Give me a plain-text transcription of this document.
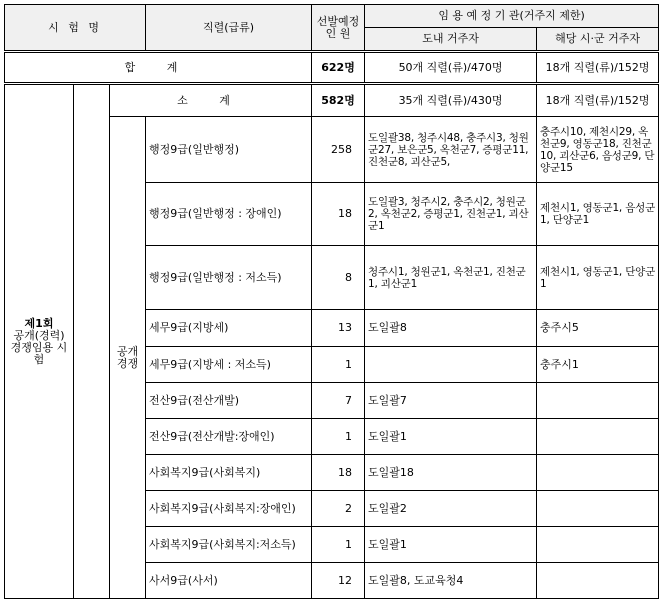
시 험 명			직렬(급류)	선발예정 인 원	임 용 예 정 기 관(거주지 제한)	
					도내 거주자	해당 시·군 거주자
합 계				622명	50개 직렬(류)/470명	18개 직렬(류)/152명

제1회
공개(경력) 경쟁임용 시험		소 계		582명	35개 직렬(류)/430명	18개 직렬(류)/152명
		공개 경쟁	행정9급(일반행정)	258	도일괄38, 청주시48, 충주시3, 청원군27, 보은군5, 옥천군7, 증평군11, 진천군8, 괴산군5,	충주시10, 제천시29, 옥천군9, 영동군18, 진천군10, 괴산군6, 음성군9, 단양군15
			행정9급(일반행정 : 장애인)	18	도일괄3, 청주시2, 충주시2, 청원군2, 옥천군2, 증평군1, 진천군1, 괴산군1	제천시1, 영동군1, 음성군1, 단양군1
			행정9급(일반행정 : 저소득)	8	청주시1, 청원군1, 옥천군1, 진천군1, 괴산군1	제천시1, 영동군1, 단양군1
			세무9급(지방세)	13	도일괄8	충주시5
			세무9급(지방세 : 저소득)	1		충주시1
			전산9급(전산개발)	7	도일괄7	
			전산9급(전산개발:장애인)	1	도일괄1	
			사회복지9급(사회복지)	18	도일괄18	
			사회복지9급(사회복지:장애인)	2	도일괄2	
			사회복지9급(사회복지:저소득)	1	도일괄1	
			사서9급(사서)	12	도일괄8, 도교육청4	
